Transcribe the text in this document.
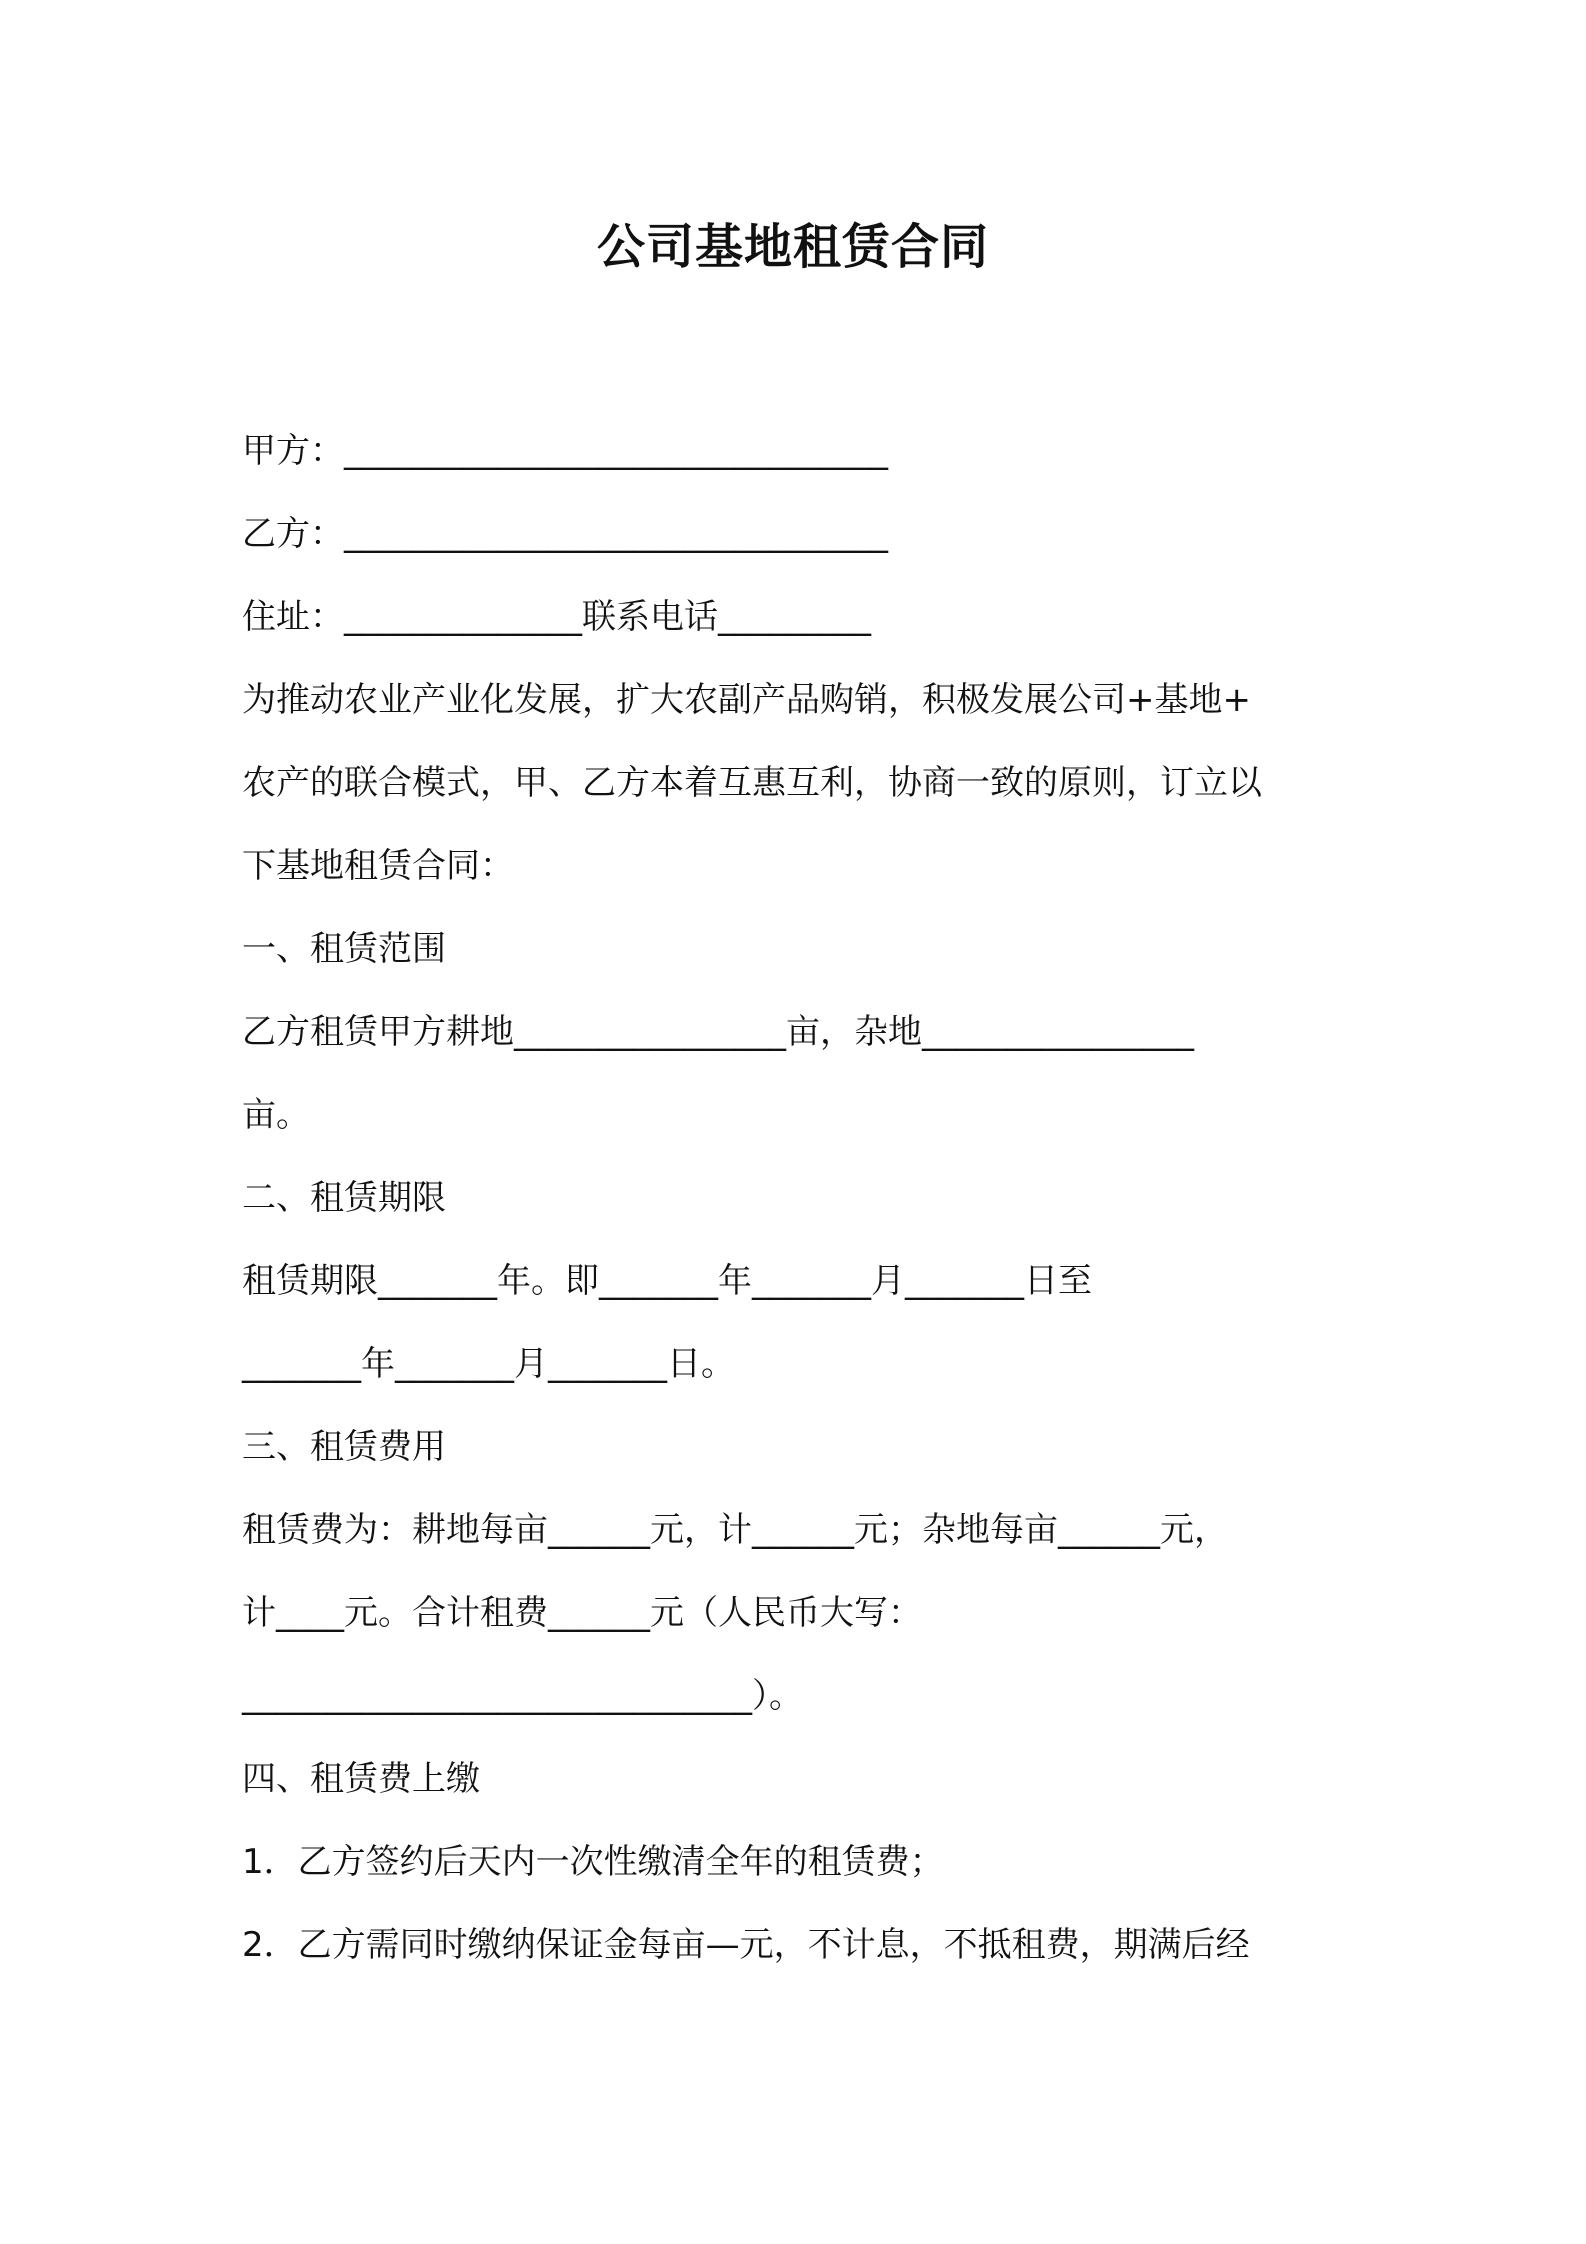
公司基地租赁合同
甲方：________________________________
乙方：________________________________
住址：______________联系电话_________
为推动农业产业化发展，扩大农副产品购销，积极发展公司+基地+
农产的联合模式，甲、乙方本着互惠互利，协商一致的原则，订立以
下基地租赁合同：
一、租赁范围
乙方租赁甲方耕地________________亩，杂地________________
亩。
二、租赁期限
租赁期限_______年。即_______年_______月_______日至
_______年_______月_______日。
三、租赁费用
租赁费为：耕地每亩______元，计______元；杂地每亩______元，
计____元。合计租费______元（人民币大写：
______________________________）。
四、租赁费上缴
1．乙方签约后天内一次性缴清全年的租赁费；
2．乙方需同时缴纳保证金每亩—元，不计息，不抵租费，期满后经
